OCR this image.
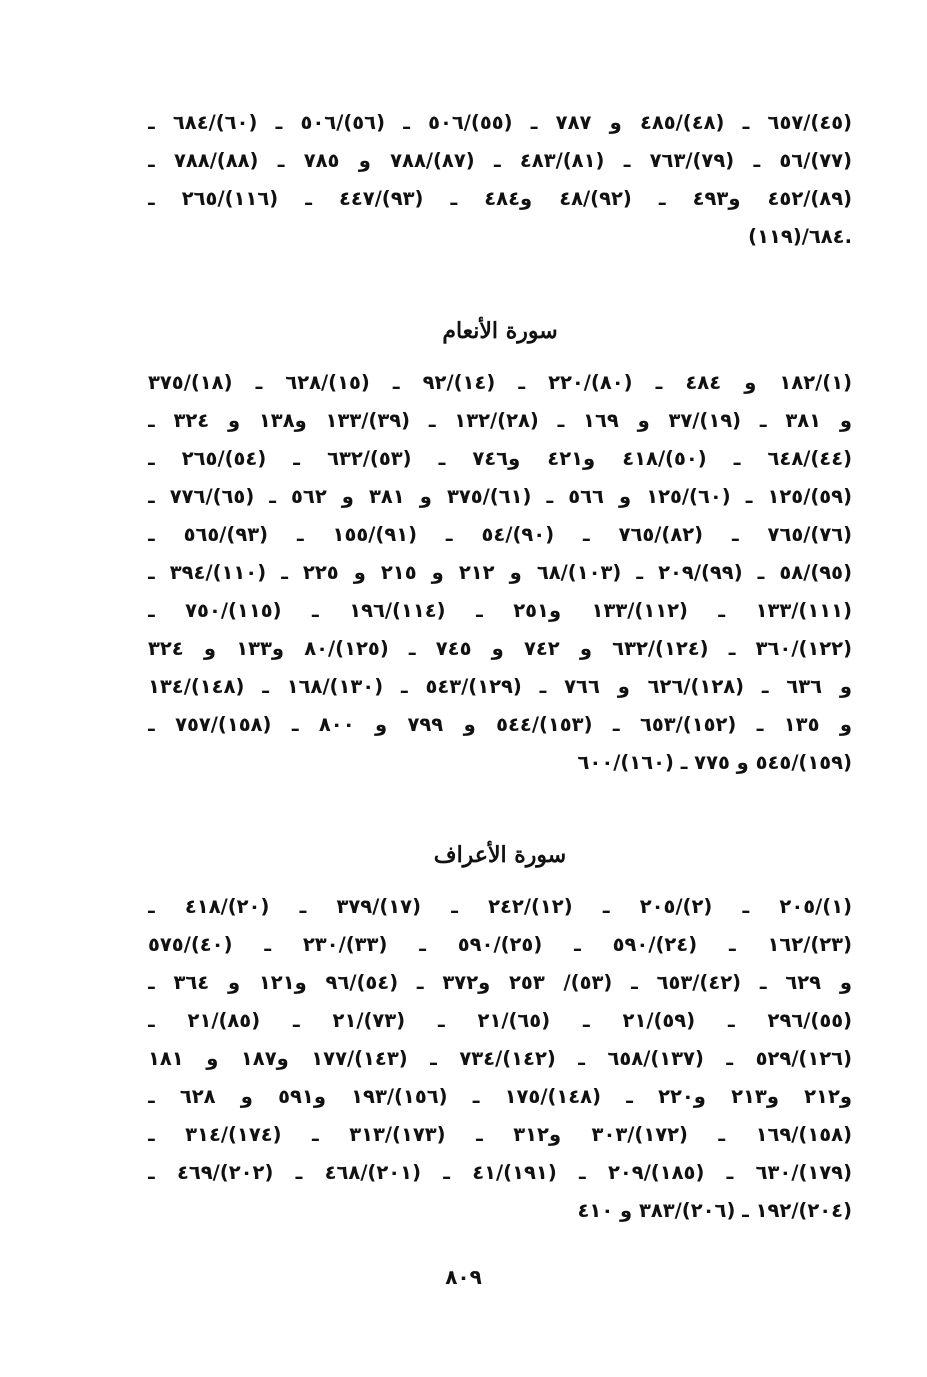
(٤٥)/٦٥٧ ـ (٤٨)/٤٨٥ و ٧٨٧ ـ (٥٥)/٥٠٦ ـ (٥٦)/٥٠٦ ـ (٦٠)/٦٨٤ ـ
(٧٧)/٥٦ ـ (٧٩)/٧٦٣ ـ (٨١)/٤٨٣ ـ (٨٧)/٧٨٨ و ٧٨٥ ـ (٨٨)/٧٨٨ ـ
(٨٩)/٤٥٢ و٤٩٣ ـ (٩٢)/٤٨ و٤٨٤ ـ (٩٣)/٤٤٧ ـ (١١٦)/٢٦٥ ـ
(١١٩)/٦٨٤.
سورة الأنعام
(١)/١٨٢ و ٤٨٤ ـ (٨٠)/٢٢٠ ـ (١٤)/٩٢ ـ (١٥)/٦٢٨ ـ (١٨)/٣٧٥
و ٣٨١ ـ (١٩)/٣٧ و ١٦٩ ـ (٢٨)/١٣٢ ـ (٣٩)/١٣٣ و١٣٨ و ٣٢٤ ـ
(٤٤)/٦٤٨ ـ (٥٠)/٤١٨ و٤٢١ و٧٤٦ ـ (٥٣)/٦٣٢ ـ (٥٤)/٢٦٥ ـ
(٥٩)/١٢٥ ـ (٦٠)/١٢٥ و ٥٦٦ ـ (٦١)/٣٧٥ و ٣٨١ و ٥٦٢ ـ (٦٥)/٧٧٦ ـ
(٧٦)/٧٦٥ ـ (٨٢)/٧٦٥ ـ (٩٠)/٥٤ ـ (٩١)/١٥٥ ـ (٩٣)/٥٦٥ ـ
(٩٥)/٥٨ ـ (٩٩)/٢٠٩ ـ (١٠٣)/٦٨ و ٢١٢ و ٢١٥ و ٢٢٥ ـ (١١٠)/٣٩٤ ـ
(١١١)/١٣٣ ـ (١١٢)/١٣٣ و٢٥١ ـ (١١٤)/١٩٦ ـ (١١٥)/٧٥٠ ـ
(١٢٢)/٣٦٠ ـ (١٢٤)/٦٣٢ و ٧٤٢ و ٧٤٥ ـ (١٢٥)/٨٠ و١٣٣ و ٣٢٤
و ٦٣٦ ـ (١٢٨)/٦٢٦ و ٧٦٦ ـ (١٢٩)/٥٤٣ ـ (١٣٠)/١٦٨ ـ (١٤٨)/١٣٤
و ١٣٥ ـ (١٥٢)/٦٥٣ ـ (١٥٣)/٥٤٤ و ٧٩٩ و ٨٠٠ ـ (١٥٨)/٧٥٧ ـ
(١٥٩)/٥٤٥ و ٧٧٥ ـ (١٦٠)/٦٠٠
سورة الأعراف
(١)/٢٠٥ ـ (٢)/٢٠٥ ـ (١٢)/٢٤٢ ـ (١٧)/٣٧٩ ـ (٢٠)/٤١٨ ـ
(٢٣)/١٦٢ ـ (٢٤)/٥٩٠ ـ (٢٥)/٥٩٠ ـ (٣٣)/٢٣٠ ـ (٤٠)/٥٧٥
و ٦٢٩ ـ (٤٢)/٦٥٣ ـ (٥٣)/ ٢٥٣ و٣٧٢ ـ (٥٤)/٩٦ و١٢١ و ٣٦٤ ـ
(٥٥)/٢٩٦ ـ (٥٩)/٢١ ـ (٦٥)/٢١ ـ (٧٣)/٢١ ـ (٨٥)/٢١ ـ
(١٢٦)/٥٢٩ ـ (١٣٧)/٦٥٨ ـ (١٤٢)/٧٣٤ ـ (١٤٣)/١٧٧ و١٨٧ و ١٨١
و٢١٢ و٢١٣ و٢٢٠ ـ (١٤٨)/١٧٥ ـ (١٥٦)/١٩٣ و٥٩١ و ٦٢٨ ـ
(١٥٨)/١٦٩ ـ (١٧٢)/٣٠٣ و٣١٢ ـ (١٧٣)/٣١٣ ـ (١٧٤)/٣١٤ ـ
(١٧٩)/٦٣٠ ـ (١٨٥)/٢٠٩ ـ (١٩١)/٤١ ـ (٢٠١)/٤٦٨ ـ (٢٠٢)/٤٦٩ ـ
(٢٠٤)/١٩٢ ـ (٢٠٦)/٣٨٣ و ٤١٠
٨٠٩
